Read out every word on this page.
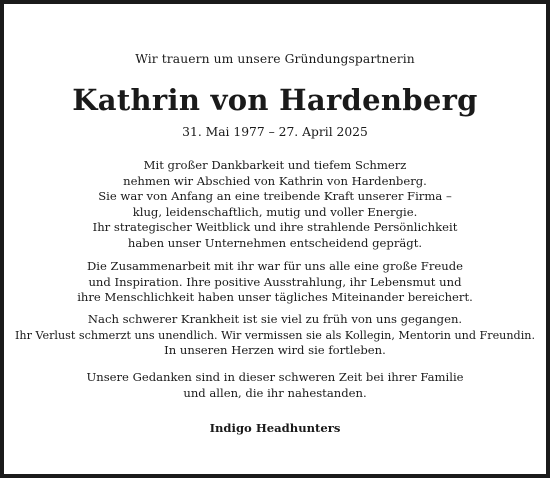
Wir trauern um unsere Gründungspartnerin
Kathrin von Hardenberg
31. Mai 1977 – 27. April 2025
Mit großer Dankbarkeit und tiefem Schmerz
nehmen wir Abschied von Kathrin von Hardenberg.
Sie war von Anfang an eine treibende Kraft unserer Firma –
klug, leidenschaftlich, mutig und voller Energie.
Ihr strategischer Weitblick und ihre strahlende Persönlichkeit
haben unser Unternehmen entscheidend geprägt.
Die Zusammenarbeit mit ihr war für uns alle eine große Freude
und Inspiration. Ihre positive Ausstrahlung, ihr Lebensmut und
ihre Menschlichkeit haben unser tägliches Miteinander bereichert.
Nach schwerer Krankheit ist sie viel zu früh von uns gegangen.
Ihr Verlust schmerzt uns unendlich. Wir vermissen sie als Kollegin, Mentorin und Freundin.
In unseren Herzen wird sie fortleben.
Unsere Gedanken sind in dieser schweren Zeit bei ihrer Familie
und allen, die ihr nahestanden.
Indigo Headhunters
